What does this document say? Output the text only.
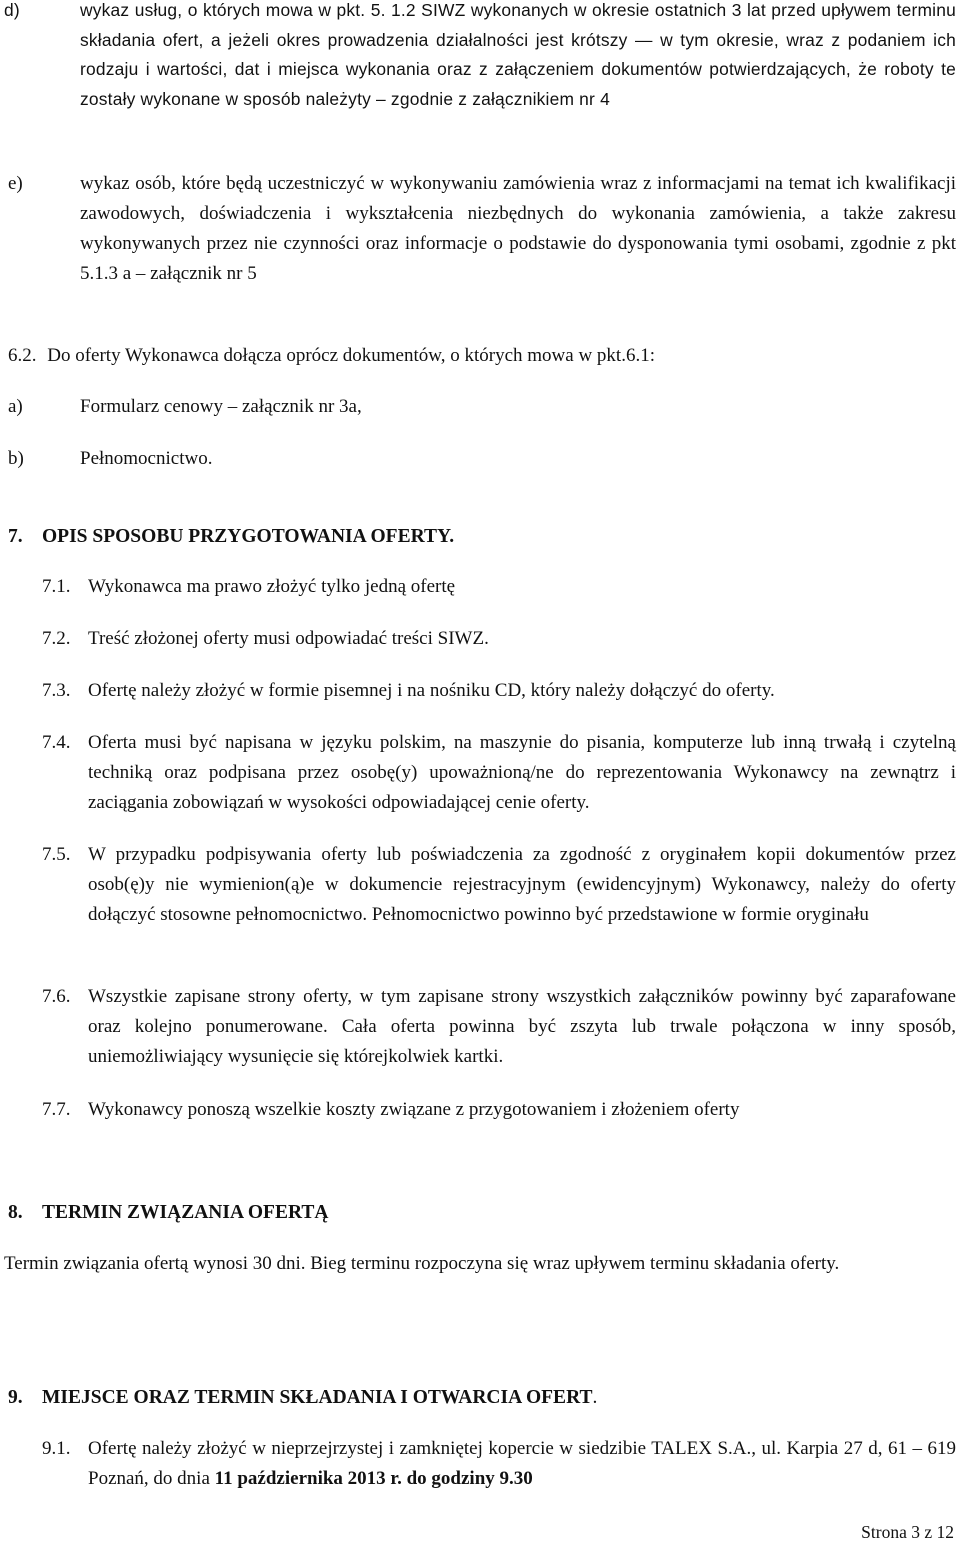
d)	wykaz usług, o których mowa w pkt. 5. 1.2 SIWZ wykonanych w okresie ostatnich 3 lat przed upływem terminu składania ofert, a jeżeli okres prowadzenia działalności jest krótszy — w tym okresie, wraz z podaniem ich rodzaju i wartości, dat i miejsca wykonania oraz z załączeniem dokumentów potwierdzających, że roboty te zostały wykonane w sposób należyty – zgodnie z załącznikiem nr 4
e)	wykaz osób, które będą uczestniczyć w wykonywaniu zamówienia wraz z informacjami na temat ich kwalifikacji zawodowych, doświadczenia i wykształcenia niezbędnych do wykonania zamówienia, a także zakresu wykonywanych przez nie czynności oraz informacje o podstawie do dysponowania tymi osobami, zgodnie z pkt 5.1.3 a – załącznik nr 5
6.2. Do oferty Wykonawca dołącza oprócz dokumentów, o których mowa w pkt.6.1:
a)	Formularz cenowy – załącznik nr 3a,
b)	Pełnomocnictwo.
7. OPIS SPOSOBU PRZYGOTOWANIA OFERTY.
7.1. Wykonawca ma prawo złożyć tylko jedną ofertę
7.2. Treść złożonej oferty musi odpowiadać treści SIWZ.
7.3. Ofertę należy złożyć w formie pisemnej i na nośniku CD, który należy dołączyć do oferty.
7.4. Oferta musi być napisana w języku polskim, na maszynie do pisania, komputerze lub inną trwałą i czytelną techniką oraz podpisana przez osobę(y) upoważnioną/ne do reprezentowania Wykonawcy na zewnątrz i zaciągania zobowiązań w wysokości odpowiadającej cenie oferty.
7.5. W przypadku podpisywania oferty lub poświadczenia za zgodność z oryginałem kopii dokumentów przez osob(ę)y nie wymienion(ą)e w dokumencie rejestracyjnym (ewidencyjnym) Wykonawcy, należy do oferty dołączyć stosowne pełnomocnictwo. Pełnomocnictwo powinno być przedstawione w formie oryginału
7.6. Wszystkie zapisane strony oferty, w tym zapisane strony wszystkich załączników powinny być zaparafowane oraz kolejno ponumerowane. Cała oferta powinna być zszyta lub trwale połączona w inny sposób, uniemożliwiający wysunięcie się którejkolwiek kartki.
7.7. Wykonawcy ponoszą wszelkie koszty związane z przygotowaniem i złożeniem oferty
8. TERMIN ZWIĄZANIA OFERTĄ
Termin związania ofertą wynosi 30 dni. Bieg terminu rozpoczyna się wraz upływem terminu składania oferty.
9. MIEJSCE ORAZ TERMIN SKŁADANIA I OTWARCIA OFERT.
9.1. Ofertę należy złożyć w nieprzejrzystej i zamkniętej kopercie w siedzibie TALEX S.A., ul. Karpia 27 d, 61 – 619 Poznań, do dnia 11 października 2013 r. do godziny 9.30
Strona 3 z 12
